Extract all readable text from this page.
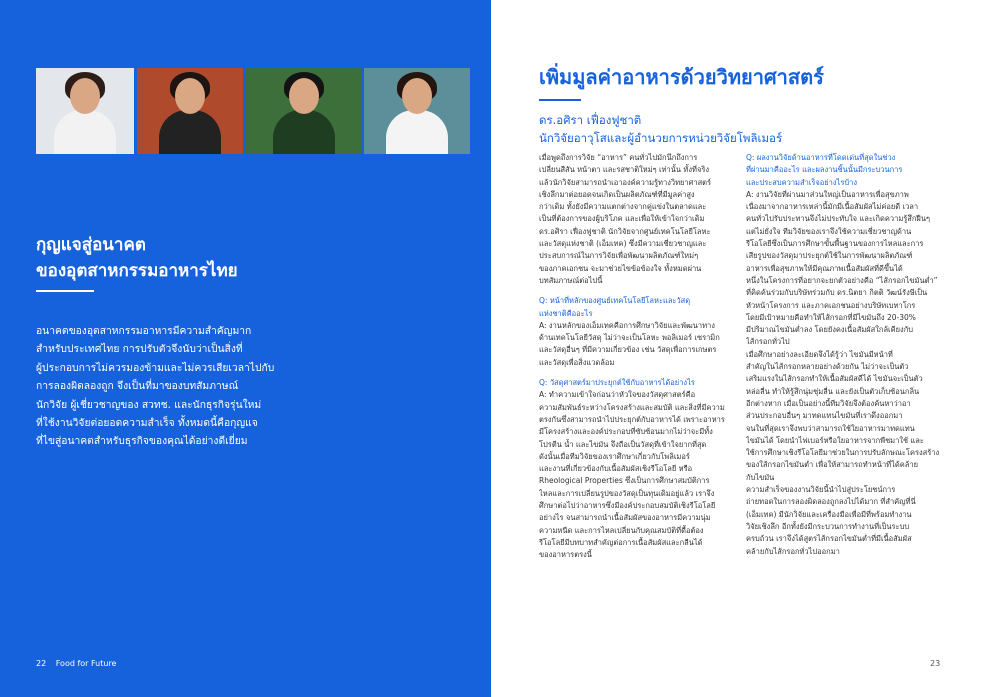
กุญแจสู่อนาคต
ของอุตสาหกรรมอาหารไทย
อนาคตของอุตสาหกรรมอาหารมีความสำคัญมาก
สำหรับประเทศไทย การปรับตัวจึงนับว่าเป็นสิ่งที่
ผู้ประกอบการไม่ควรมองข้ามและไม่ควรเสียเวลาไปกับ
การลองผิดลองถูก จึงเป็นที่มาของบทสัมภาษณ์
นักวิจัย ผู้เชี่ยวชาญของ สวทช. และนักธุรกิจรุ่นใหม่
ที่ใช้งานวิจัยต่อยอดความสำเร็จ ทั้งหมดนี้คือกุญแจ
ที่ไขสู่อนาคตสำหรับธุรกิจของคุณได้อย่างดีเยี่ยม
22 Food for Future
เพิ่มมูลค่าอาหารด้วยวิทยาศาสตร์
ดร.อศิรา เฟื่องฟูชาติ
นักวิจัยอาวุโสและผู้อำนวยการหน่วยวิจัยโพลิเมอร์
เมื่อพูดถึงการวิจัย “อาหาร” คนทั่วไปมักนึกถึงการ
เปลี่ยนสีสัน หน้าตา และรสชาติใหม่ๆ เท่านั้น ทั้งที่จริง
แล้วนักวิจัยสามารถนำเอาองค์ความรู้ทางวิทยาศาสตร์
เชิงลึกมาต่อยอดจนเกิดเป็นผลิตภัณฑ์ที่มีมูลค่าสูง
กว่าเดิม ทั้งยังมีความแตกต่างจากคู่แข่งในตลาดและ
เป็นที่ต้องการของผู้บริโภค และเพื่อให้เข้าใจกว่าเดิม
ดร.อศิรา เฟื่องฟูชาติ นักวิจัยจากศูนย์เทคโนโลยีโลหะ
และวัสดุแห่งชาติ (เอ็มเทค) ซึ่งมีความเชี่ยวชาญและ
ประสบการณ์ในการวิจัยเพื่อพัฒนาผลิตภัณฑ์ใหม่ๆ
ของภาคเอกชน จะมาช่วยไขข้อข้องใจ ทั้งหมดผ่าน
บทสัมภาษณ์ต่อไปนี้
Q: หน้าที่หลักของศูนย์เทคโนโลยีโลหะและวัสดุ
แห่งชาติคืออะไร
A: งานหลักของเอ็มเทคคือการศึกษาวิจัยและพัฒนาทาง
ด้านเทคโนโลยีวัสดุ ไม่ว่าจะเป็นโลหะ พอลิเมอร์ เซรามิก
และวัสดุอื่นๆ ที่มีความเกี่ยวข้อง เช่น วัสดุเพื่อการเกษตร
และวัสดุเพื่อสิ่งแวดล้อม
Q: วัสดุศาสตร์มาประยุกต์ใช้กับอาหารได้อย่างไร
A: ทำความเข้าใจก่อนว่าหัวใจของวัสดุศาสตร์คือ
ความสัมพันธ์ระหว่างโครงสร้างและสมบัติ และสิ่งที่มีความ
ตรงกันซึ่งสามารถนำไปประยุกต์กับอาหารได้ เพราะอาหาร
มีโครงสร้างและองค์ประกอบที่ซับซ้อนมากไม่ว่าจะมีทั้ง
โปรตีน น้ำ และไขมัน จึงถือเป็นวัสดุที่เข้าใจยากที่สุด
ดังนั้นเมื่อทีมวิจัยของเราศึกษาเกี่ยวกับโพลิเมอร์
และงานที่เกี่ยวข้องกับเนื้อสัมผัสเชิงรีโอโลยี หรือ
Rheological Properties ซึ่งเป็นการศึกษาสมบัติการ
ไหลและการเปลี่ยนรูปของวัสดุเป็นทุนเดิมอยู่แล้ว เราจึง
ศึกษาต่อไปว่าอาหารซึ่งมีองค์ประกอบสมบัติเชิงรีโอโลยี
อย่างไร จนสามารถนำเนื้อสัมผัสของอาหารมีความนุ่ม
ความหนืด และการไหลเปลี่ยนกับคุณสมบัติที่ดื้อต้อง
รีโอโลยีมีบทบาทสำคัญต่อการเนื้อสัมผัสและกลืนได้
ของอาหารตรงนี้
Q: ผลงานวิจัยด้านอาหารที่โดดเด่นที่สุดในช่วง
ที่ผ่านมาคืออะไร และผลงานชิ้นนั้นมีกระบวนการ
และประสบความสำเร็จอย่างไรบ้าง
A: งานวิจัยที่ผ่านมาส่วนใหญ่เป็นอาหารเพื่อสุขภาพ
เนื่องมาจากอาหารเหล่านี้มักมีเนื้อสัมผัสไม่ค่อยดี เวลา
คนทั่วไปรับประทานจึงไม่ประทับใจ และเกิดความรู้สึกฝืนๆ
แต่ไม่ยั่งใจ ทีมวิจัยของเราจึงใช้ความเชี่ยวชาญด้าน
รีโอโลยีซึ่งเป็นการศึกษาขั้นพื้นฐานของการไหลและการ
เสียรูปของวัสดุมาประยุกต์ใช้ในการพัฒนาผลิตภัณฑ์
อาหารเพื่อสุขภาพให้มีคุณภาพเนื้อสัมผัสที่ดีขึ้นได้
หนึ่งในโครงการที่อยากจะยกตัวอย่างคือ “ไส้กรอกไขมันต่ำ”
ที่คิดค้นร่วมกับบริษัทร่วมกับ ดร.นิตยา กิตติ วัฒน์รังษีเป็น
หัวหน้าโครงการ และภาคเอกชนอย่างบริษัทเบทาโกร
โดยมีเป้าหมายคือทำให้ไส้กรอกที่มีไขมันถึง 20-30%
มีปริมาณไขมันต่ำลง โดยยังคงเนื้อสัมผัสใกล้เคียงกับ
ไส้กรอกทั่วไป
เมื่อศึกษาอย่างละเอียดจึงได้รู้ว่า ไขมันมีหน้าที่
สำคัญในไส้กรอกหลายอย่างด้วยกัน ไม่ว่าจะเป็นตัว
เสริมแรงในไส้กรอกทำให้เนื้อสัมผัสดีได้ ไขมันจะเป็นตัว
หล่อลื่น ทำให้รู้สึกนุ่มชุ่มลื่น และยังเป็นตัวเก็บซ้อนกลิ่น
อีกต่างหาก เมื่อเป็นอย่างนี้ทีมวิจัยจึงต้องค้นหาว่าอา
ส่วนประกอบอื่นๆ มาทดแทนไขมันที่เราดึงออกมา
จนในที่สุดเราจึงพบว่าสามารถใช้ใยอาหารมาทดแทน
ไขมันได้ โดยนำไฟเบอร์หรือใยอาหารจากพืชมาใช้ และ
ใช้การศึกษาเชิงรีโอโลยีมาช่วยในการปรับลักษณะโครงสร้าง
ของใส้กรอกไขมันต่ำ เพื่อให้สามารถทำหน้าที่ได้คล้าย
กับไขมัน
ความสำเร็จของงานวิจัยนี้นำไปสู่ประโยชน์การ
ถ่ายทอดในการลองผิดลองถูกลงไปได้มาก ที่สำคัญที่นี่
(เอ็มเทค) มีนักวิจัยและเครื่องมือเพื่อมีที่พร้อมทำงาน
วิจัยเชิงลึก อีกทั้งยังมีกระบวนการทำงานที่เป็นระบบ
ครบถ้วน เราจึงได้สูตรไส้กรอกไขมันต่ำที่มีเนื้อสัมผัส
คล้ายกับไส้กรอกทั่วไปออกมา
23
